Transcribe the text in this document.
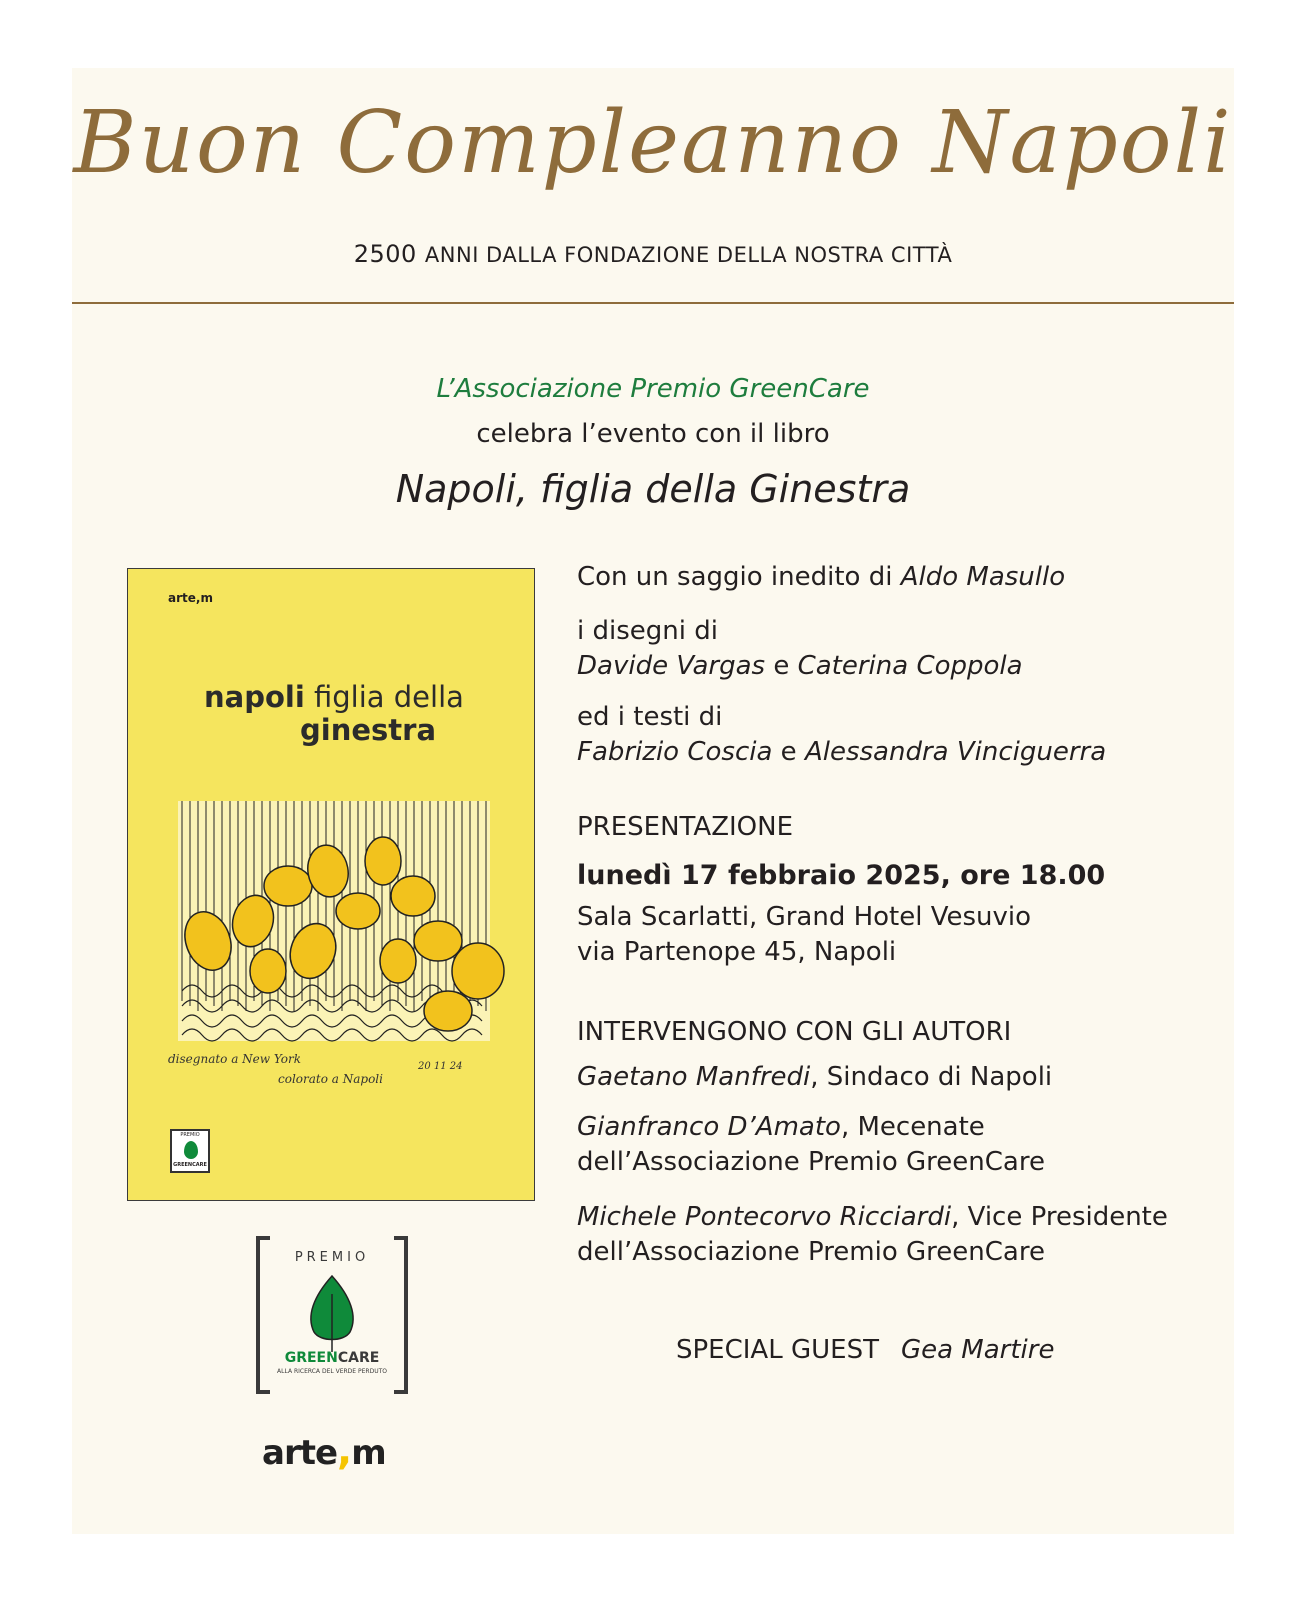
Buon Compleanno Napoli
2500 ANNI DALLA FONDAZIONE DELLA NOSTRA CITTÀ
L’Associazione Premio GreenCare
celebra l’evento con il libro
Napoli, figlia della Ginestra
arte,m
napoli figlia della
ginestra
disegnato a New York
colorato a Napoli
20 11 24
PREMIO
GREENCARE
PREMIO
GREENCARE
ALLA RICERCA DEL VERDE PERDUTO
arte,m
Con un saggio inedito di Aldo Masullo
i disegni di
Davide Vargas e Caterina Coppola
ed i testi di
Fabrizio Coscia e Alessandra Vinciguerra
PRESENTAZIONE
lunedì 17 febbraio 2025, ore 18.00
Sala Scarlatti, Grand Hotel Vesuvio
via Partenope 45, Napoli
INTERVENGONO CON GLI AUTORI
Gaetano Manfredi, Sindaco di Napoli
Gianfranco D’Amato, Mecenate
dell’Associazione Premio GreenCare
Michele Pontecorvo Ricciardi, Vice Presidente
dell’Associazione Premio GreenCare
SPECIAL GUEST Gea Martire
